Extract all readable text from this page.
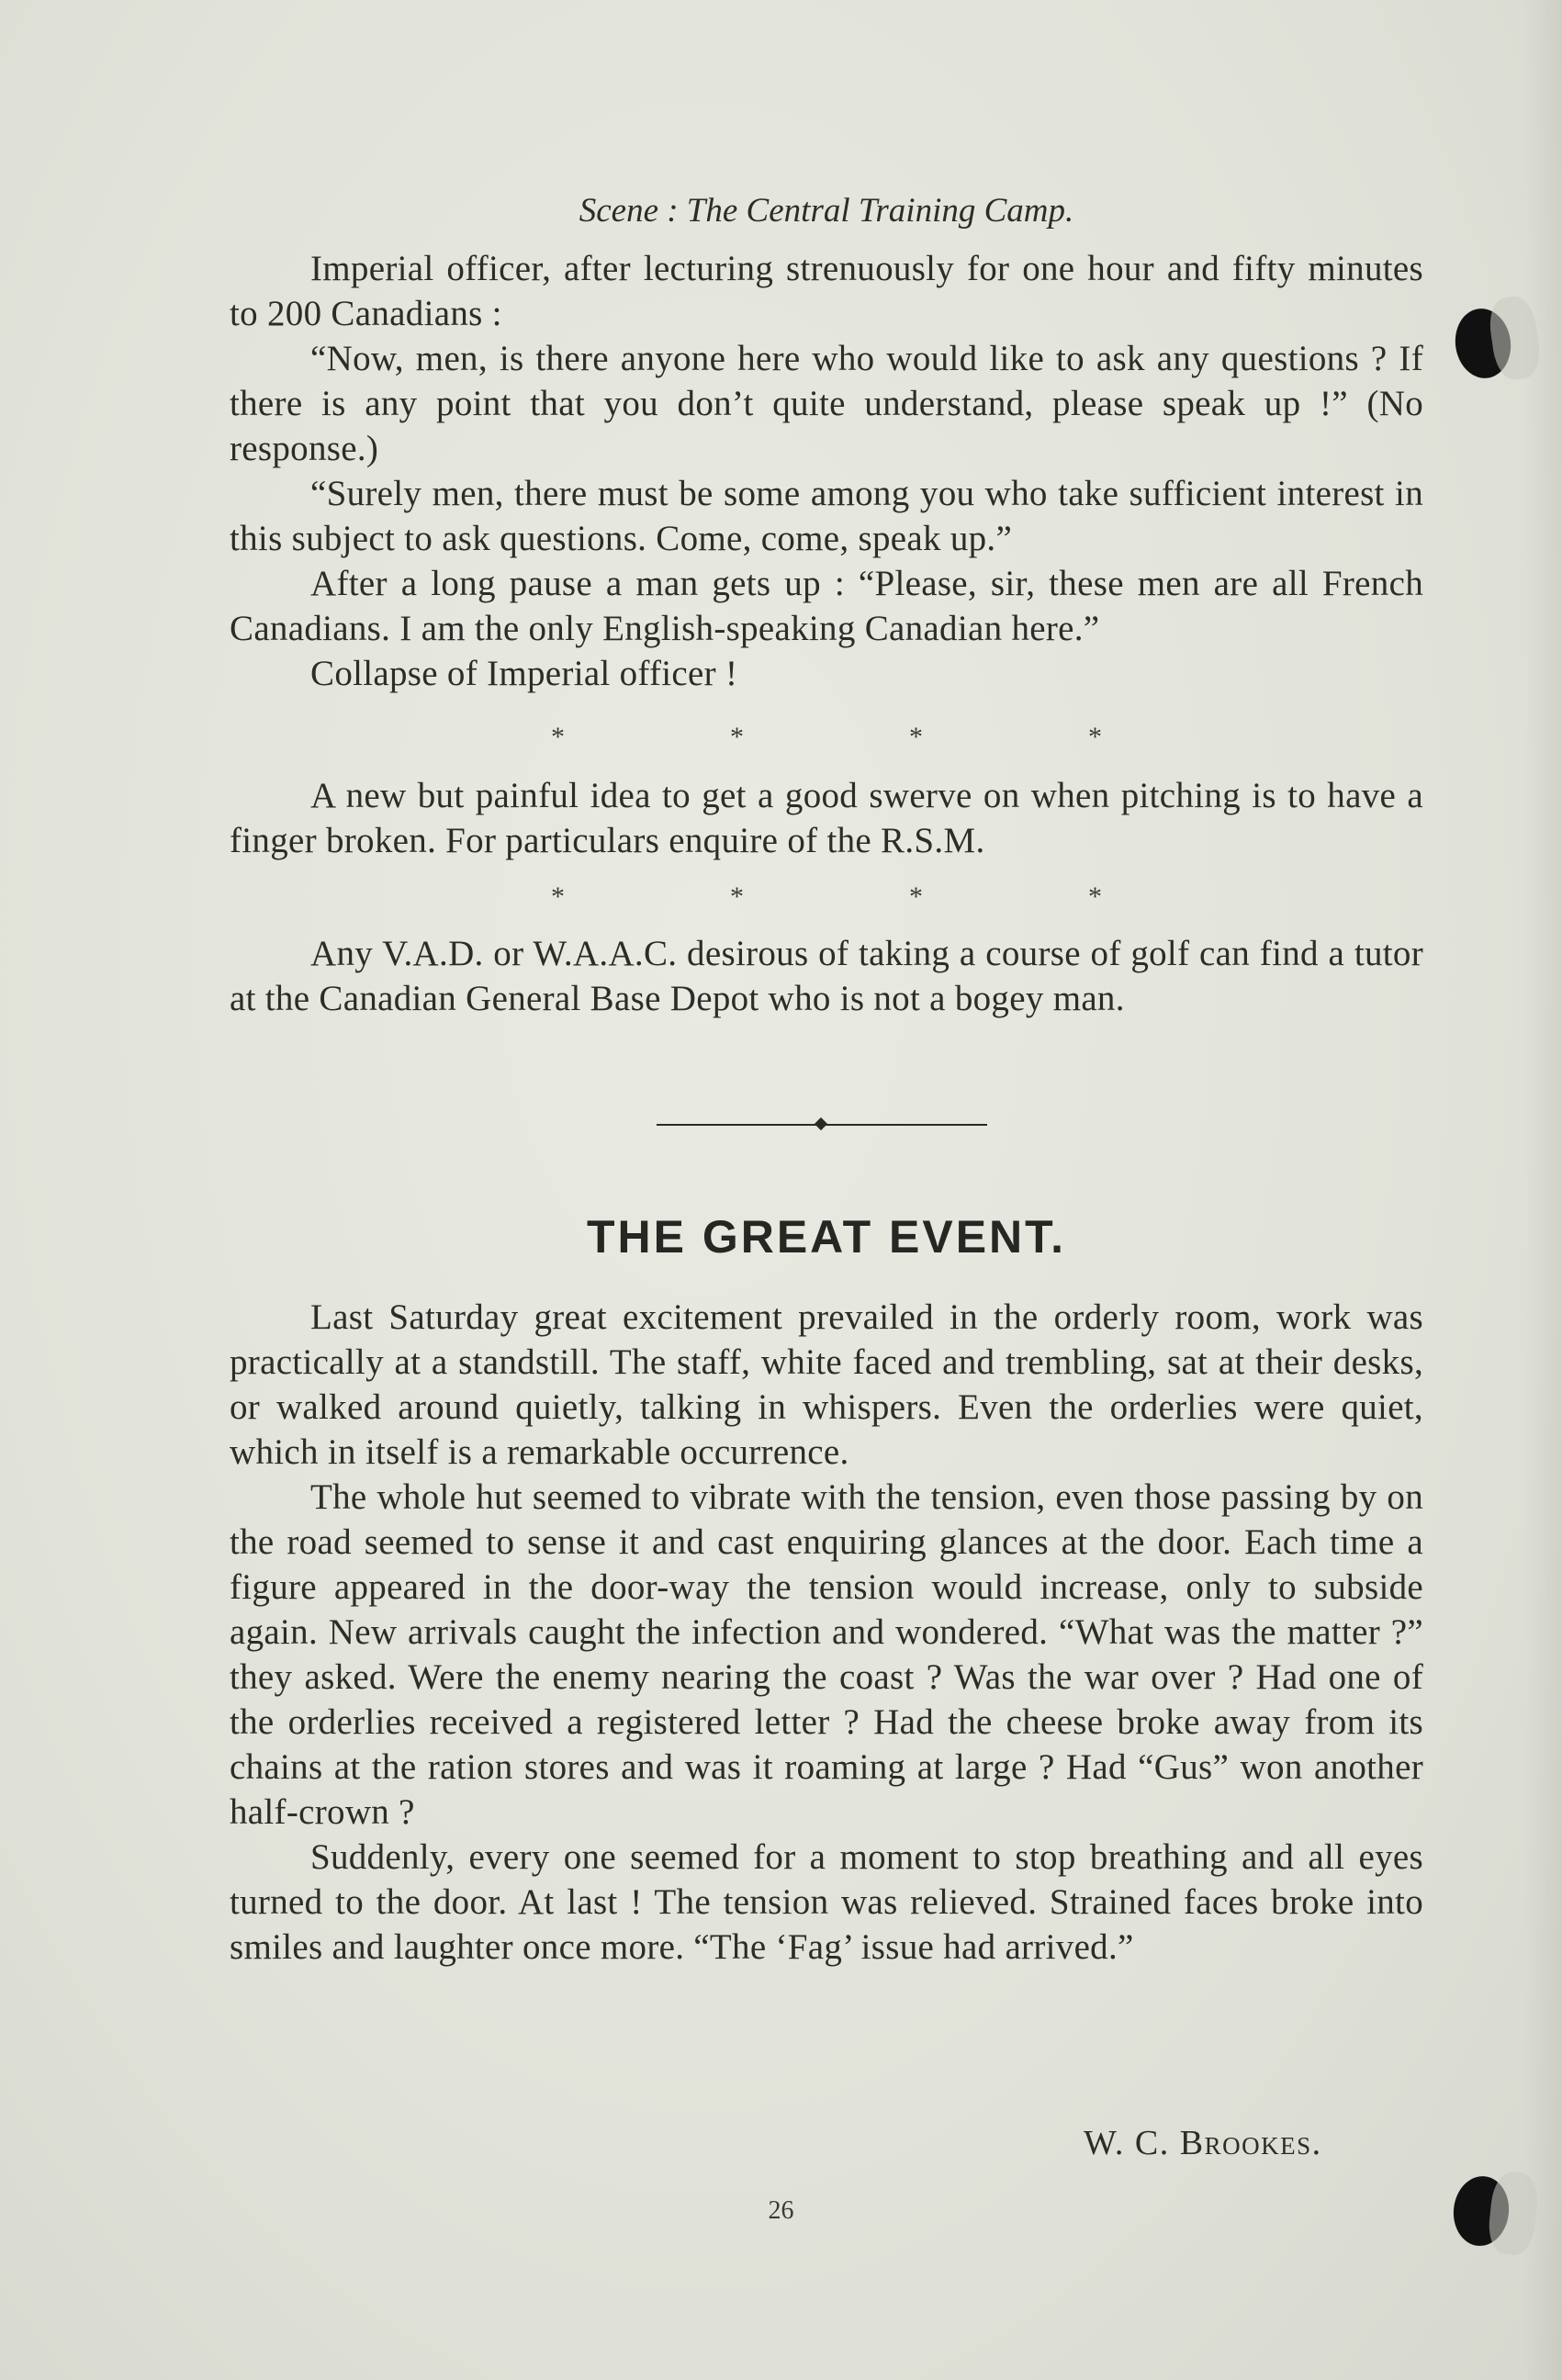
Scene : The Central Training Camp.

Imperial officer, after lecturing strenuously for one hour and fifty minutes to 200 Canadians :

“Now, men, is there anyone here who would like to ask any questions ? If there is any point that you don’t quite understand, please speak up !” (No response.)

“Surely men, there must be some among you who take sufficient interest in this subject to ask questions. Come, come, speak up.”

After a long pause a man gets up : “Please, sir, these men are all French Canadians. I am the only English-speaking Canadian here.”

Collapse of Imperial officer !

*	*	*	*

A new but painful idea to get a good swerve on when pitching is to have a finger broken. For particulars enquire of the R.S.M.

*	*	*	*

Any V.A.D. or W.A.A.C. desirous of taking a course of golf can find a tutor at the Canadian General Base Depot who is not a bogey man.

THE GREAT EVENT.

Last Saturday great excitement prevailed in the orderly room, work was practically at a standstill. The staff, white faced and trembling, sat at their desks, or walked around quietly, talking in whispers. Even the orderlies were quiet, which in itself is a remarkable occurrence.

The whole hut seemed to vibrate with the tension, even those passing by on the road seemed to sense it and cast enquiring glances at the door. Each time a figure appeared in the door-way the tension would increase, only to subside again. New arrivals caught the infection and wondered. “What was the matter ?” they asked. Were the enemy nearing the coast ? Was the war over ? Had one of the orderlies received a registered letter ? Had the cheese broke away from its chains at the ration stores and was it roaming at large ? Had “Gus” won another half-crown ?

Suddenly, every one seemed for a moment to stop breathing and all eyes turned to the door. At last ! The tension was relieved. Strained faces broke into smiles and laughter once more. “The ‘Fag’ issue had arrived.”

W. C. Brookes.
26
